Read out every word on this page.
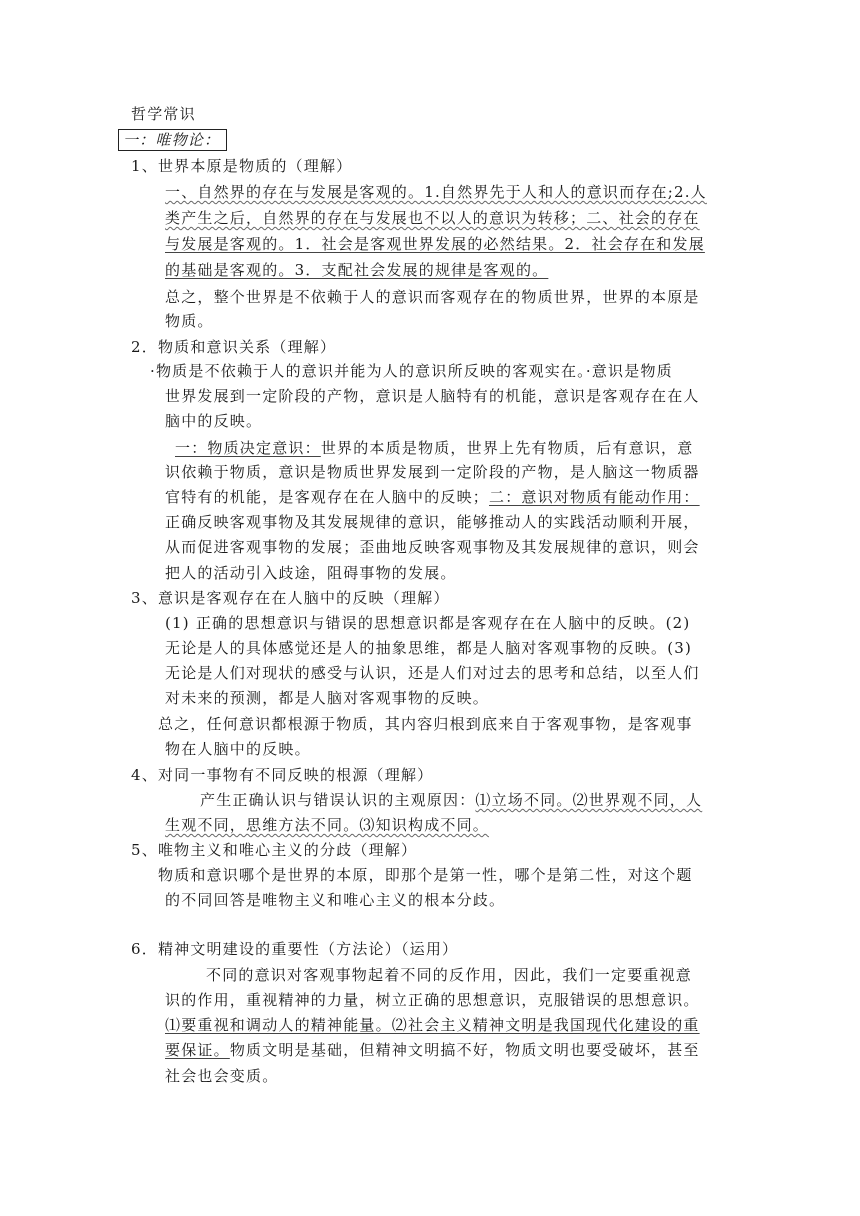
哲学常识
一：唯物论：
1、世界本原是物质的（理解）
一、自然界的存在与发展是客观的。1.自然界先于人和人的意识而存在;2.人
类产生之后，自然界的存在与发展也不以人的意识为转移；二、社会的存在
与发展是客观的。1．社会是客观世界发展的必然结果。2．社会存在和发展
的基础是客观的。3．支配社会发展的规律是客观的。
总之，整个世界是不依赖于人的意识而客观存在的物质世界，世界的本原是
物质。
2．物质和意识关系（理解）
·物质是不依赖于人的意识并能为人的意识所反映的客观实在。·意识是物质
世界发展到一定阶段的产物，意识是人脑特有的机能，意识是客观存在在人
脑中的反映。
一：物质决定意识：世界的本质是物质，世界上先有物质，后有意识，意
识依赖于物质，意识是物质世界发展到一定阶段的产物，是人脑这一物质器
官特有的机能，是客观存在在人脑中的反映；二：意识对物质有能动作用：
正确反映客观事物及其发展规律的意识，能够推动人的实践活动顺利开展，
从而促进客观事物的发展；歪曲地反映客观事物及其发展规律的意识，则会
把人的活动引入歧途，阻碍事物的发展。
3、意识是客观存在在人脑中的反映（理解）
(1) 正确的思想意识与错误的思想意识都是客观存在在人脑中的反映。(2)
无论是人的具体感觉还是人的抽象思维，都是人脑对客观事物的反映。(3)
无论是人们对现状的感受与认识，还是人们对过去的思考和总结，以至人们
对未来的预测，都是人脑对客观事物的反映。
总之，任何意识都根源于物质，其内容归根到底来自于客观事物，是客观事
物在人脑中的反映。
4、对同一事物有不同反映的根源（理解）
产生正确认识与错误认识的主观原因：⑴立场不同。⑵世界观不同，人
生观不同，思维方法不同。⑶知识构成不同。
5、唯物主义和唯心主义的分歧（理解）
物质和意识哪个是世界的本原，即那个是第一性，哪个是第二性，对这个题
的不同回答是唯物主义和唯心主义的根本分歧。
6．精神文明建设的重要性（方法论）（运用）
不同的意识对客观事物起着不同的反作用，因此，我们一定要重视意
识的作用，重视精神的力量，树立正确的思想意识，克服错误的思想意识。
⑴要重视和调动人的精神能量。⑵社会主义精神文明是我国现代化建设的重
要保证。物质文明是基础，但精神文明搞不好，物质文明也要受破坏，甚至
社会也会变质。
